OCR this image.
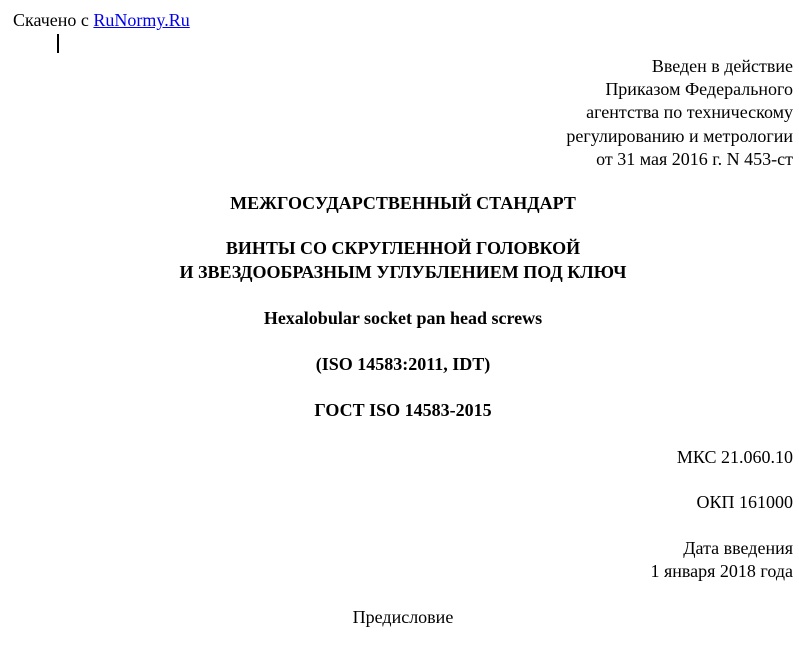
Скачено с RuNormy.Ru
Введен в действие
Приказом Федерального
агентства по техническому
регулированию и метрологии
от 31 мая 2016 г. N 453-ст
МЕЖГОСУДАРСТВЕННЫЙ СТАНДАРТ
ВИНТЫ СО СКРУГЛЕННОЙ ГОЛОВКОЙ
И ЗВЕЗДООБРАЗНЫМ УГЛУБЛЕНИЕМ ПОД КЛЮЧ
Hexalobular socket pan head screws
(ISO 14583:2011, IDT)
ГОСТ ISO 14583-2015
МКС 21.060.10
ОКП 161000
Дата введения
1 января 2018 года
Предисловие
